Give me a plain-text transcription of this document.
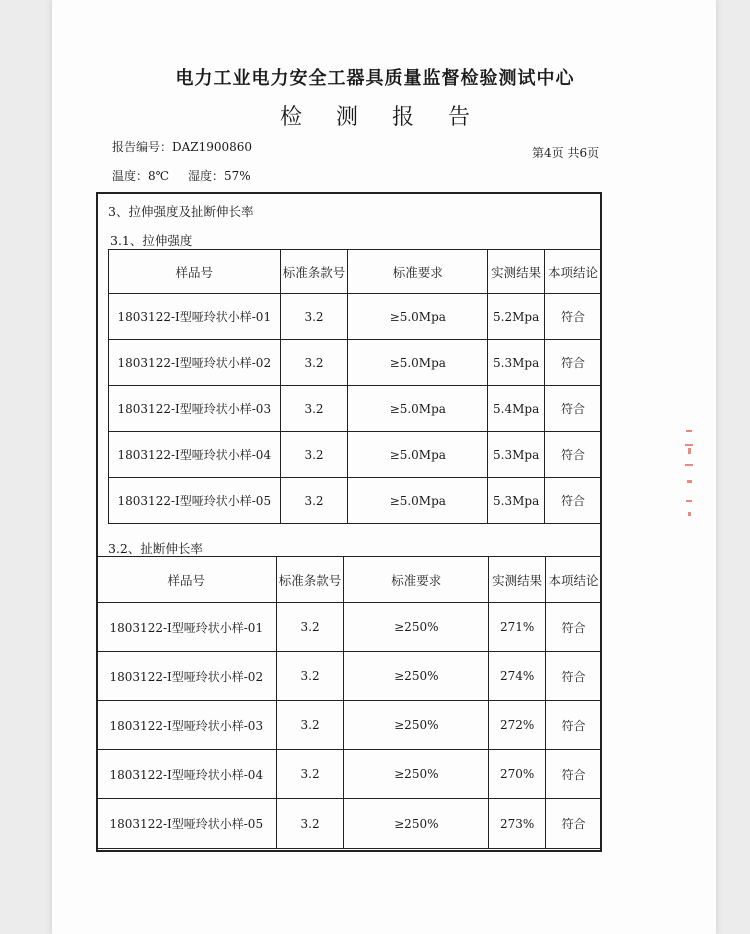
电力工业电力安全工器具质量监督检验测试中心
检测报告
报告编号：DAZ1900860	第4页 共6页
温度：8℃ 湿度：57%
3、拉伸强度及扯断伸长率
3.1、拉伸强度
样品号	标准条款号	标准要求	实测结果	本项结论
1803122-I型哑玲状小样-01	3.2	≥5.0Mpa	5.2Mpa	符合
1803122-I型哑玲状小样-02	3.2	≥5.0Mpa	5.3Mpa	符合
1803122-I型哑玲状小样-03	3.2	≥5.0Mpa	5.4Mpa	符合
1803122-I型哑玲状小样-04	3.2	≥5.0Mpa	5.3Mpa	符合
1803122-I型哑玲状小样-05	3.2	≥5.0Mpa	5.3Mpa	符合
3.2、扯断伸长率
样品号	标准条款号	标准要求	实测结果	本项结论
1803122-I型哑玲状小样-01	3.2	≥250%	271%	符合
1803122-I型哑玲状小样-02	3.2	≥250%	274%	符合
1803122-I型哑玲状小样-03	3.2	≥250%	272%	符合
1803122-I型哑玲状小样-04	3.2	≥250%	270%	符合
1803122-I型哑玲状小样-05	3.2	≥250%	273%	符合
